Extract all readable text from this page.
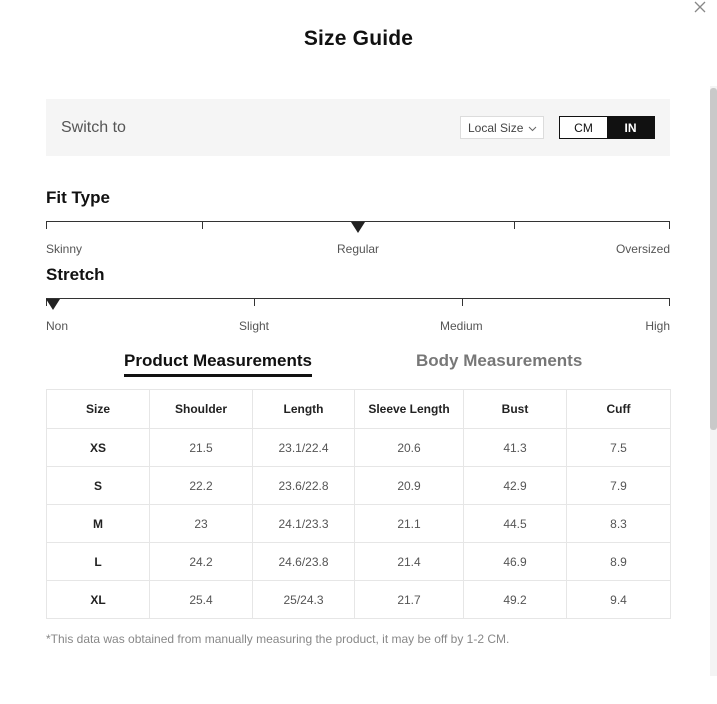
Size Guide
Switch to	Local Size	CM	IN
Fit Type
Skinny	Regular	Oversized
Stretch
Non	Slight	Medium	High
Product Measurements	Body Measurements
Size	Shoulder	Length	Sleeve Length	Bust	Cuff
XS	21.5	23.1/22.4	20.6	41.3	7.5
S	22.2	23.6/22.8	20.9	42.9	7.9
M	23	24.1/23.3	21.1	44.5	8.3
L	24.2	24.6/23.8	21.4	46.9	8.9
XL	25.4	25/24.3	21.7	49.2	9.4
*This data was obtained from manually measuring the product, it may be off by 1-2 CM.
